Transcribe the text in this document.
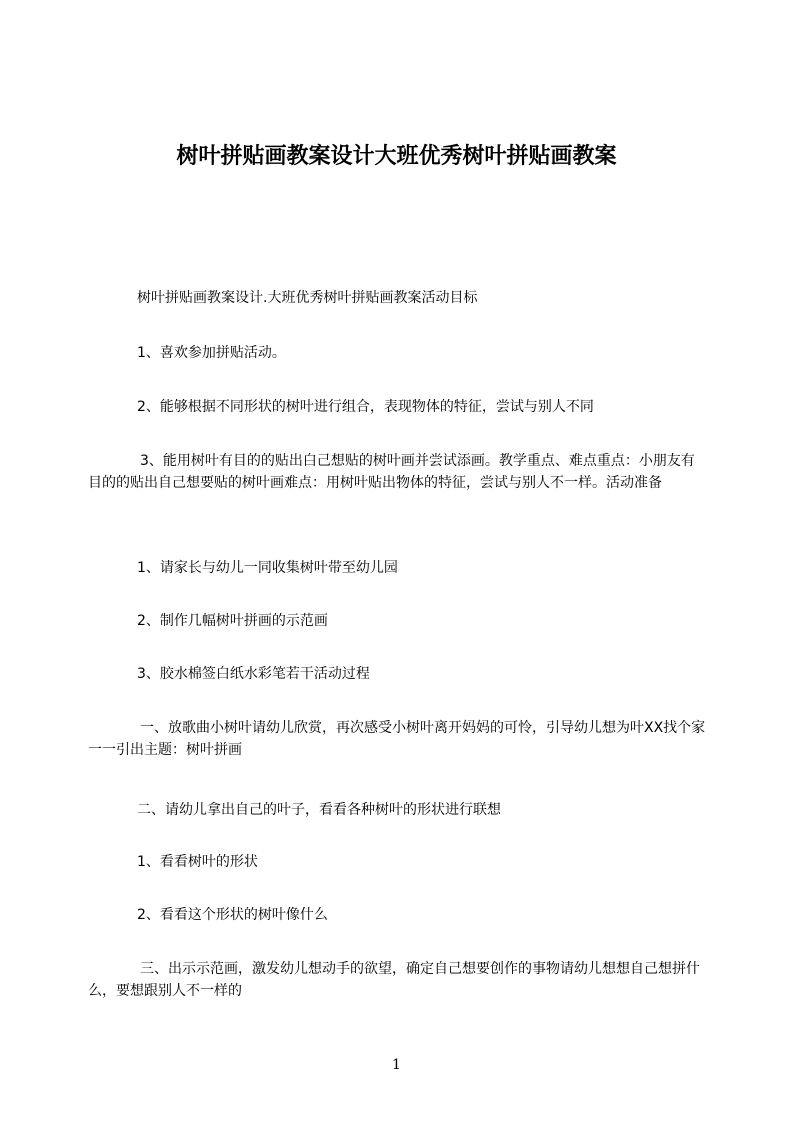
树叶拼贴画教案设计大班优秀树叶拼贴画教案
树叶拼贴画教案设计.大班优秀树叶拼贴画教案活动目标
1、喜欢参加拼贴活动。
2、能够根据不同形状的树叶进行组合，表现物体的特征，尝试与别人不同
3、能用树叶有目的的贴出白己想贴的树叶画并尝试添画。教学重点、难点重点：小朋友有目的的贴出自己想要贴的树叶画难点：用树叶贴出物体的特征，尝试与别人不一样。活动准备
1、请家长与幼儿一同收集树叶带至幼儿园
2、制作几幅树叶拼画的示范画
3、胶水棉签白纸水彩笔若干活动过程
一、放歌曲小树叶请幼儿欣赏，再次感受小树叶离开妈妈的可怜，引导幼儿想为叶XX找个家一一引出主题：树叶拼画
二、请幼儿拿出自己的叶子，看看各种树叶的形状进行联想
1、看看树叶的形状
2、看看这个形状的树叶像什么
三、出示示范画，激发幼儿想动手的欲望，确定自己想要创作的事物请幼儿想想自己想拼什么，要想跟别人不一样的
1
